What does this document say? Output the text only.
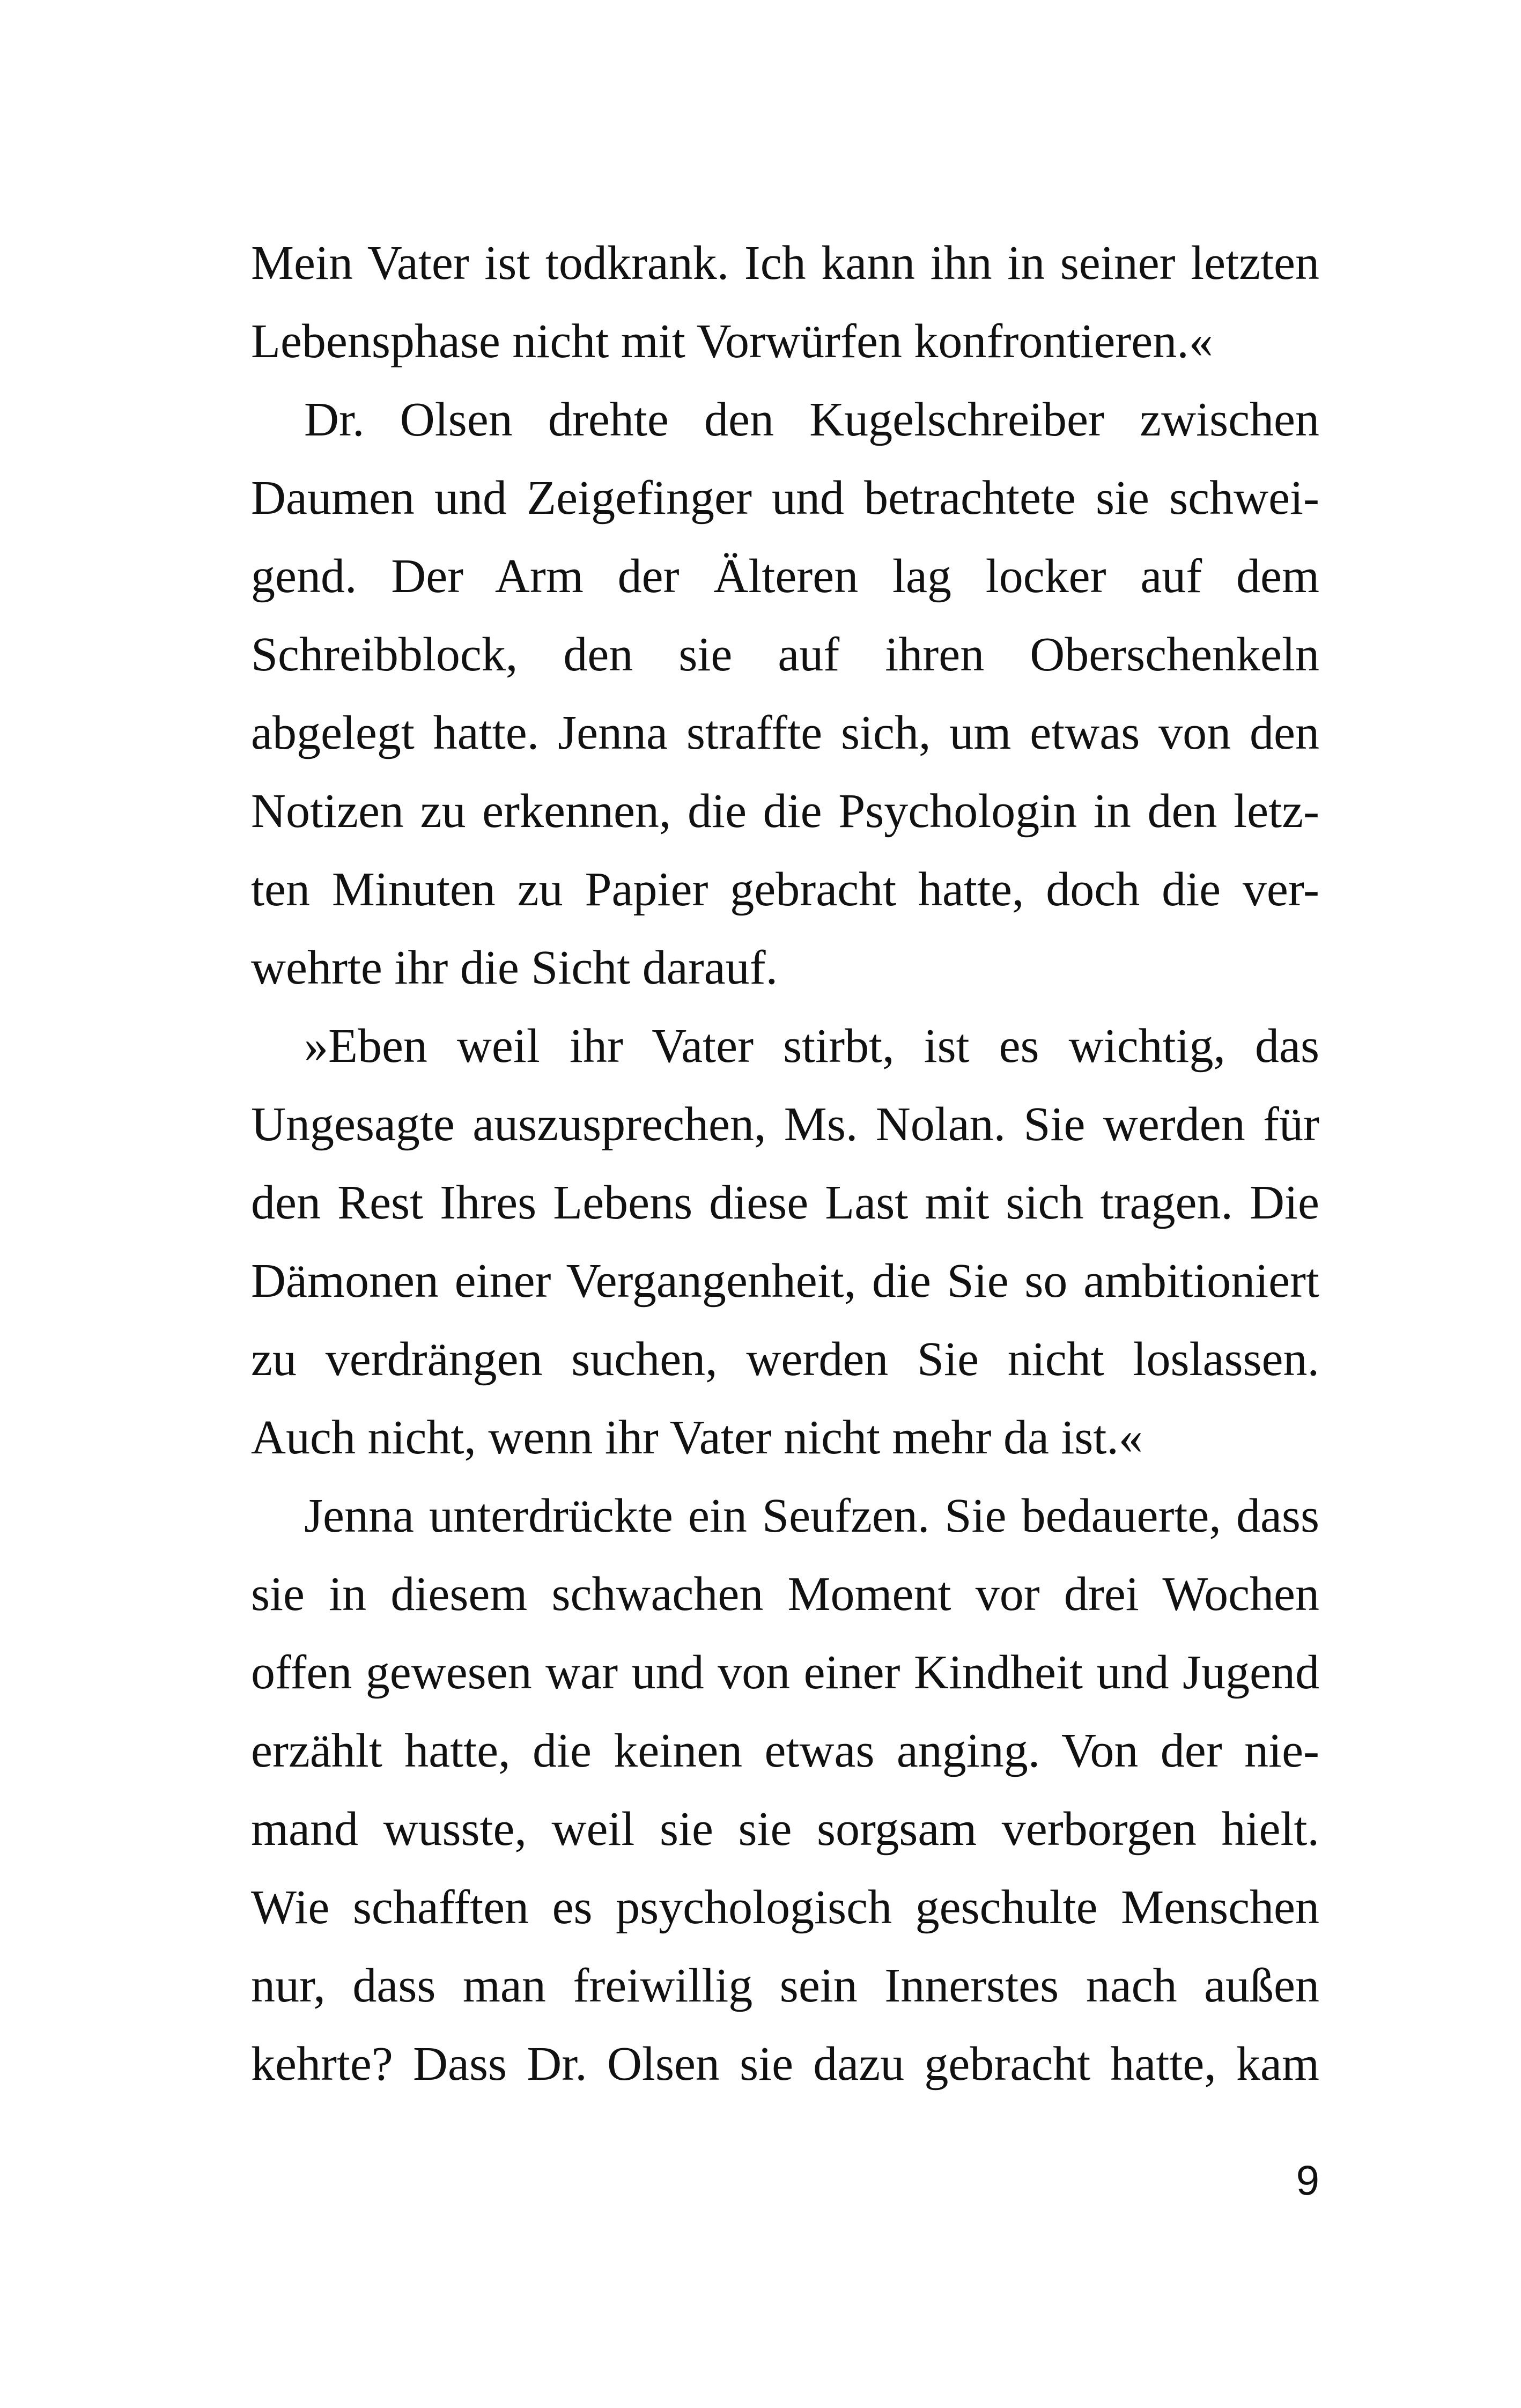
Mein Vater ist todkrank. Ich kann ihn in seiner letzten
Lebensphase nicht mit Vorwürfen konfrontieren.«
Dr. Olsen drehte den Kugelschreiber zwischen
Daumen und Zeigefinger und betrachtete sie schwei-
gend. Der Arm der Älteren lag locker auf dem
Schreibblock, den sie auf ihren Oberschenkeln
abgelegt hatte. Jenna straffte sich, um etwas von den
Notizen zu erkennen, die die Psychologin in den letz-
ten Minuten zu Papier gebracht hatte, doch die ver-
wehrte ihr die Sicht darauf.
»Eben weil ihr Vater stirbt, ist es wichtig, das
Ungesagte auszusprechen, Ms. Nolan. Sie werden für
den Rest Ihres Lebens diese Last mit sich tragen. Die
Dämonen einer Vergangenheit, die Sie so ambitioniert
zu verdrängen suchen, werden Sie nicht loslassen.
Auch nicht, wenn ihr Vater nicht mehr da ist.«
Jenna unterdrückte ein Seufzen. Sie bedauerte, dass
sie in diesem schwachen Moment vor drei Wochen
offen gewesen war und von einer Kindheit und Jugend
erzählt hatte, die keinen etwas anging. Von der nie-
mand wusste, weil sie sie sorgsam verborgen hielt.
Wie schafften es psychologisch geschulte Menschen
nur, dass man freiwillig sein Innerstes nach außen
kehrte? Dass Dr. Olsen sie dazu gebracht hatte, kam
9
